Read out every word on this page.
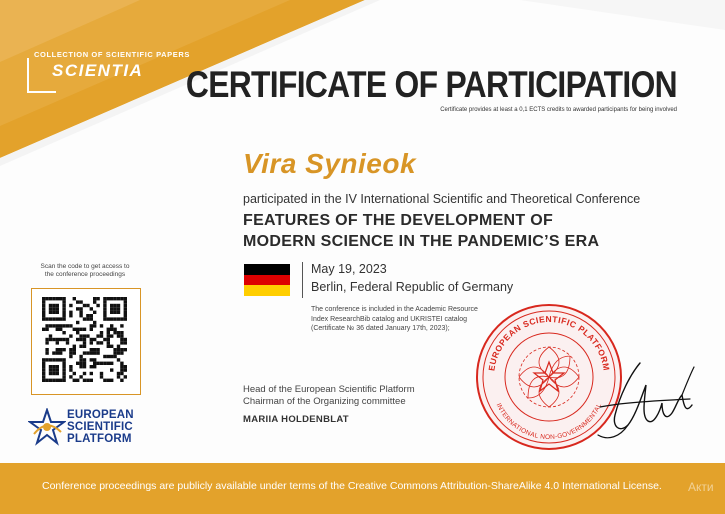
COLLECTION OF SCIENTIFIC PAPERS
SCIENTIA CERTIFICATE OF PARTICIPATION
Certificate provides at least a 0,1 ECTS credits to awarded participants for being involved
Vira Synieok
participated in the IV International Scientific and Theoretical Conference
FEATURES OF THE DEVELOPMENT OF
MODERN SCIENCE IN THE PANDEMIC’S ERA
May 19, 2023
Berlin, Federal Republic of Germany
The conference is included in the Academic Resource
Index ResearchBib catalog and UKRISTEI catalog
(Certificate № 36 dated January 17th, 2023);
Scan the code to get access to
the conference proceedings
EUROPEAN
SCIENTIFIC
PLATFORM
Head of the European Scientific Platform
Chairman of the Organizing committee
MARIIA HOLDENBLAT
EUROPEAN SCIENTIFIC PLATFORM
INTERNATIONAL NON-GOVERNMENTAL
Conference proceedings are publicly available under terms of the Creative Commons Attribution-ShareAlike 4.0 International License. Акти
